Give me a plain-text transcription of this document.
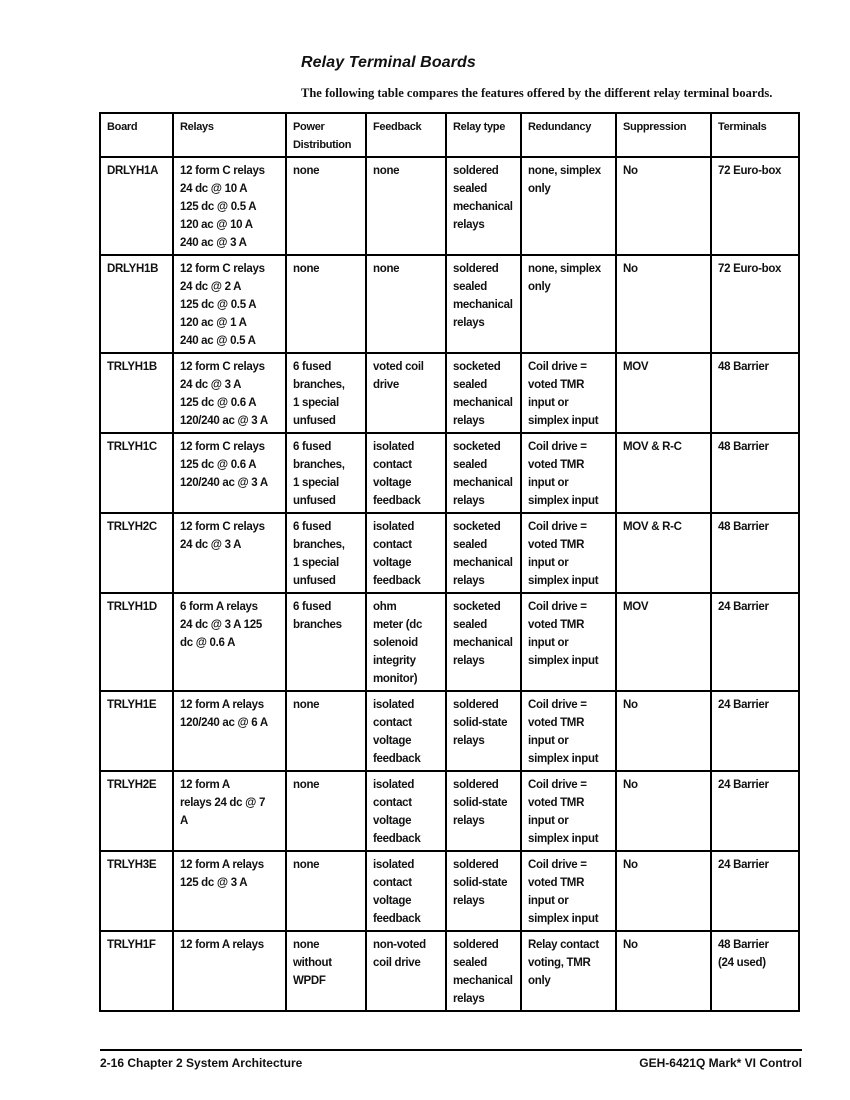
Relay Terminal Boards
The following table compares the features offered by the different relay terminal boards.
Board	Relays	Power
Distribution	Feedback	Relay type	Redundancy	Suppression	Terminals

DRLYH1A	12 form C relays
24 dc @ 10 A
125 dc @ 0.5 A
120 ac @ 10 A
240 ac @ 3 A	none	none	soldered
sealed
mechanical
relays	none, simplex
only	No	72 Euro-box

DRLYH1B	12 form C relays
24 dc @ 2 A
125 dc @ 0.5 A
120 ac @ 1 A
240 ac @ 0.5 A	none	none	soldered
sealed
mechanical
relays	none, simplex
only	No	72 Euro-box

TRLYH1B	12 form C relays
24 dc @ 3 A
125 dc @ 0.6 A
120/240 ac @ 3 A	6 fused
branches,
1 special
unfused	voted coil
drive	socketed
sealed
mechanical
relays	Coil drive =
voted TMR
input or
simplex input	MOV	48 Barrier

TRLYH1C	12 form C relays
125 dc @ 0.6 A
120/240 ac @ 3 A	6 fused
branches,
1 special
unfused	isolated
contact
voltage
feedback	socketed
sealed
mechanical
relays	Coil drive =
voted TMR
input or
simplex input	MOV & R-C	48 Barrier

TRLYH2C	12 form C relays
24 dc @ 3 A	6 fused
branches,
1 special
unfused	isolated
contact
voltage
feedback	socketed
sealed
mechanical
relays	Coil drive =
voted TMR
input or
simplex input	MOV & R-C	48 Barrier

TRLYH1D	6 form A relays
24 dc @ 3 A 125
dc @ 0.6 A	6 fused
branches	ohm
meter (dc
solenoid
integrity
monitor)	socketed
sealed
mechanical
relays	Coil drive =
voted TMR
input or
simplex input	MOV	24 Barrier

TRLYH1E	12 form A relays
120/240 ac @ 6 A	none	isolated
contact
voltage
feedback	soldered
solid-state
relays	Coil drive =
voted TMR
input or
simplex input	No	24 Barrier

TRLYH2E	12 form A
relays 24 dc @ 7
A	none	isolated
contact
voltage
feedback	soldered
solid-state
relays	Coil drive =
voted TMR
input or
simplex input	No	24 Barrier

TRLYH3E	12 form A relays
125 dc @ 3 A	none	isolated
contact
voltage
feedback	soldered
solid-state
relays	Coil drive =
voted TMR
input or
simplex input	No	24 Barrier

TRLYH1F	12 form A relays	none
without
WPDF	non-voted
coil drive	soldered
sealed
mechanical
relays	Relay contact
voting, TMR
only	No	48 Barrier
(24 used)
2-16 Chapter 2 System Architecture	GEH-6421Q Mark* VI Control
